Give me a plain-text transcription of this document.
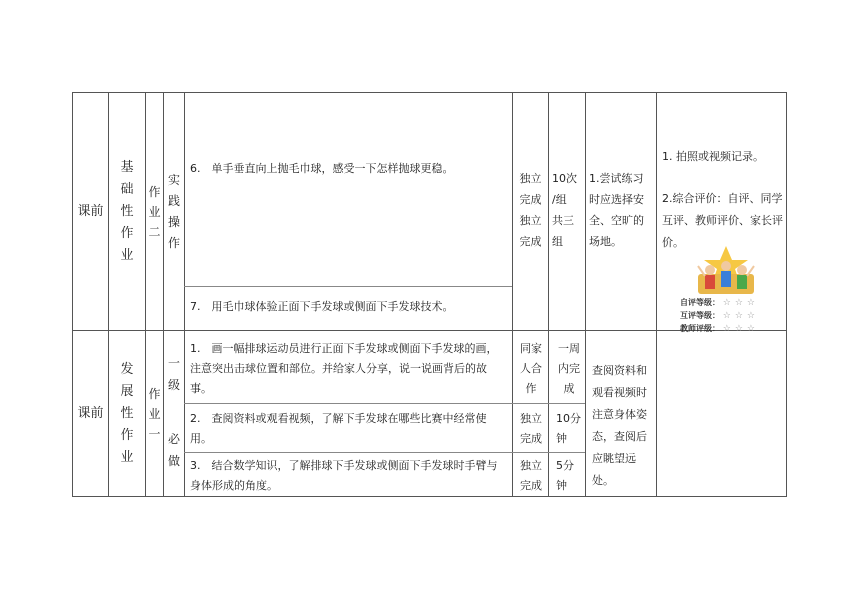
课前
基
础
性
作
业
作
业
二
实
践
操
作
6.　单手垂直向上抛毛巾球，感受一下怎样抛球更稳。
7.　用毛巾球体验正面下手发球或侧面下手发球技术。
独立
完成
独立
完成
10次
/组
共三
组
1.尝试练习时应选择安全、空旷的场地。
1. 拍照或视频记录。
2.综合评价：自评、同学互评、教师评价、家长评价。
自评等级： ☆☆☆
互评等级： ☆☆☆
教师评级： ☆☆☆
课前
发
展
性
作
业
作
业
一
一
级
必
做
1.　画一幅排球运动员进行正面下手发球或侧面下手发球的画，注意突出击球位置和部位。并给家人分享，说一说画背后的故事。
同家人合作
一周内完成
2.　查阅资料或观看视频，了解下手发球在哪些比赛中经常使用。
独立完成
10分钟
3.　结合数学知识，了解排球下手发球或侧面下手发球时手臂与身体形成的角度。
独立完成
5分钟
查阅资料和观看视频时注意身体姿态，查阅后应眺望远处。
